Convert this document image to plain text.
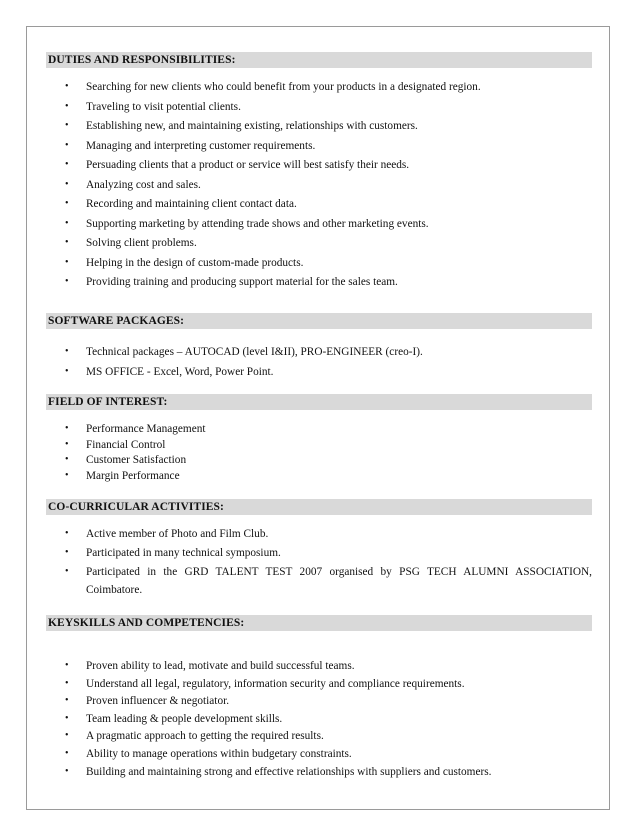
DUTIES AND RESPONSIBILITIES:
• Searching for new clients who could benefit from your products in a designated region.
• Traveling to visit potential clients.
• Establishing new, and maintaining existing, relationships with customers.
• Managing and interpreting customer requirements.
• Persuading clients that a product or service will best satisfy their needs.
• Analyzing cost and sales.
• Recording and maintaining client contact data.
• Supporting marketing by attending trade shows and other marketing events.
• Solving client problems.
• Helping in the design of custom-made products.
• Providing training and producing support material for the sales team.
SOFTWARE PACKAGES:
• Technical packages – AUTOCAD (level I&II), PRO-ENGINEER (creo-I).
• MS OFFICE - Excel, Word, Power Point.
FIELD OF INTEREST:
• Performance Management
• Financial Control
• Customer Satisfaction
• Margin Performance
CO-CURRICULAR ACTIVITIES:
• Active member of Photo and Film Club.
• Participated in many technical symposium.
• Participated in the GRD TALENT TEST 2007 organised by PSG TECH ALUMNI ASSOCIATION,
Coimbatore.
KEYSKILLS AND COMPETENCIES:
• Proven ability to lead, motivate and build successful teams.
• Understand all legal, regulatory, information security and compliance requirements.
• Proven influencer & negotiator.
• Team leading & people development skills.
• A pragmatic approach to getting the required results.
• Ability to manage operations within budgetary constraints.
• Building and maintaining strong and effective relationships with suppliers and customers.
